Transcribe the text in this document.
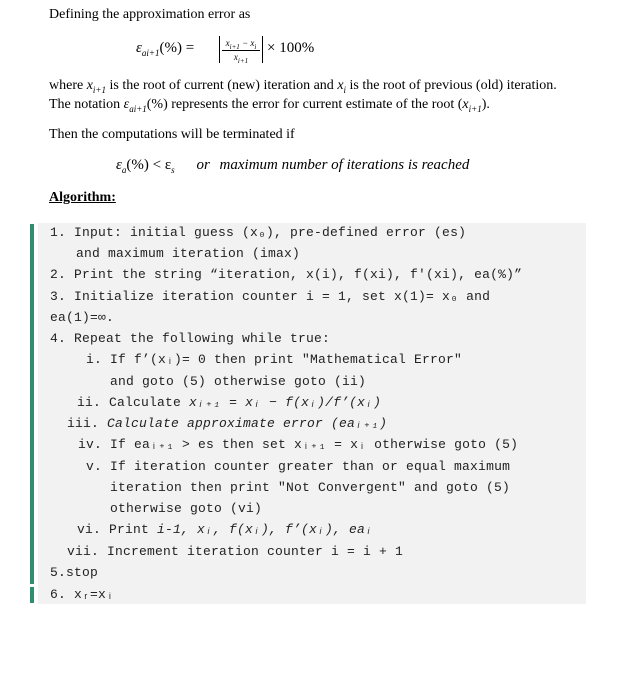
Defining the approximation error as
$\varepsilon_{ai+1}(\%)$ =	$x_{i+1} - x_i$
$x_{i+1}$
× 100%
where $x_{i+1}$ is the root of current (new) iteration and $x_i$ is the root of previous (old) iteration.
The notation $\varepsilon_{ai+1}(\%)$ represents the error for current estimate of the root $(x_{i+1})$.
Then the computations will be terminated if
$\varepsilon_a(\%) < \varepsilon_s$ or maximum number of iterations is reached
Algorithm:
1. Input: initial guess (x₀), pre-defined error (es)
and maximum iteration (imax)
2. Print the string “iteration, x(i), f(xi), f'(xi), ea(%)”
3. Initialize iteration counter i = 1, set x(1)= x₀ and
ea(1)=∞.
4. Repeat the following while true:
i. If f’(xᵢ)= 0 then print "Mathematical Error"
and goto (5) otherwise goto (ii)
ii. Calculate xᵢ₊₁ = xᵢ − f(xᵢ)/f’(xᵢ)
iii. Calculate approximate error (eaᵢ₊₁)
iv. If eaᵢ₊₁ > es then set xᵢ₊₁ = xᵢ otherwise goto (5)
v. If iteration counter greater than or equal maximum
iteration then print "Not Convergent" and goto (5)
otherwise goto (vi)
vi. Print i-1, xᵢ, f(xᵢ), f’(xᵢ), eaᵢ
vii. Increment iteration counter i = i + 1
5.stop
6. xᵣ=xᵢ
